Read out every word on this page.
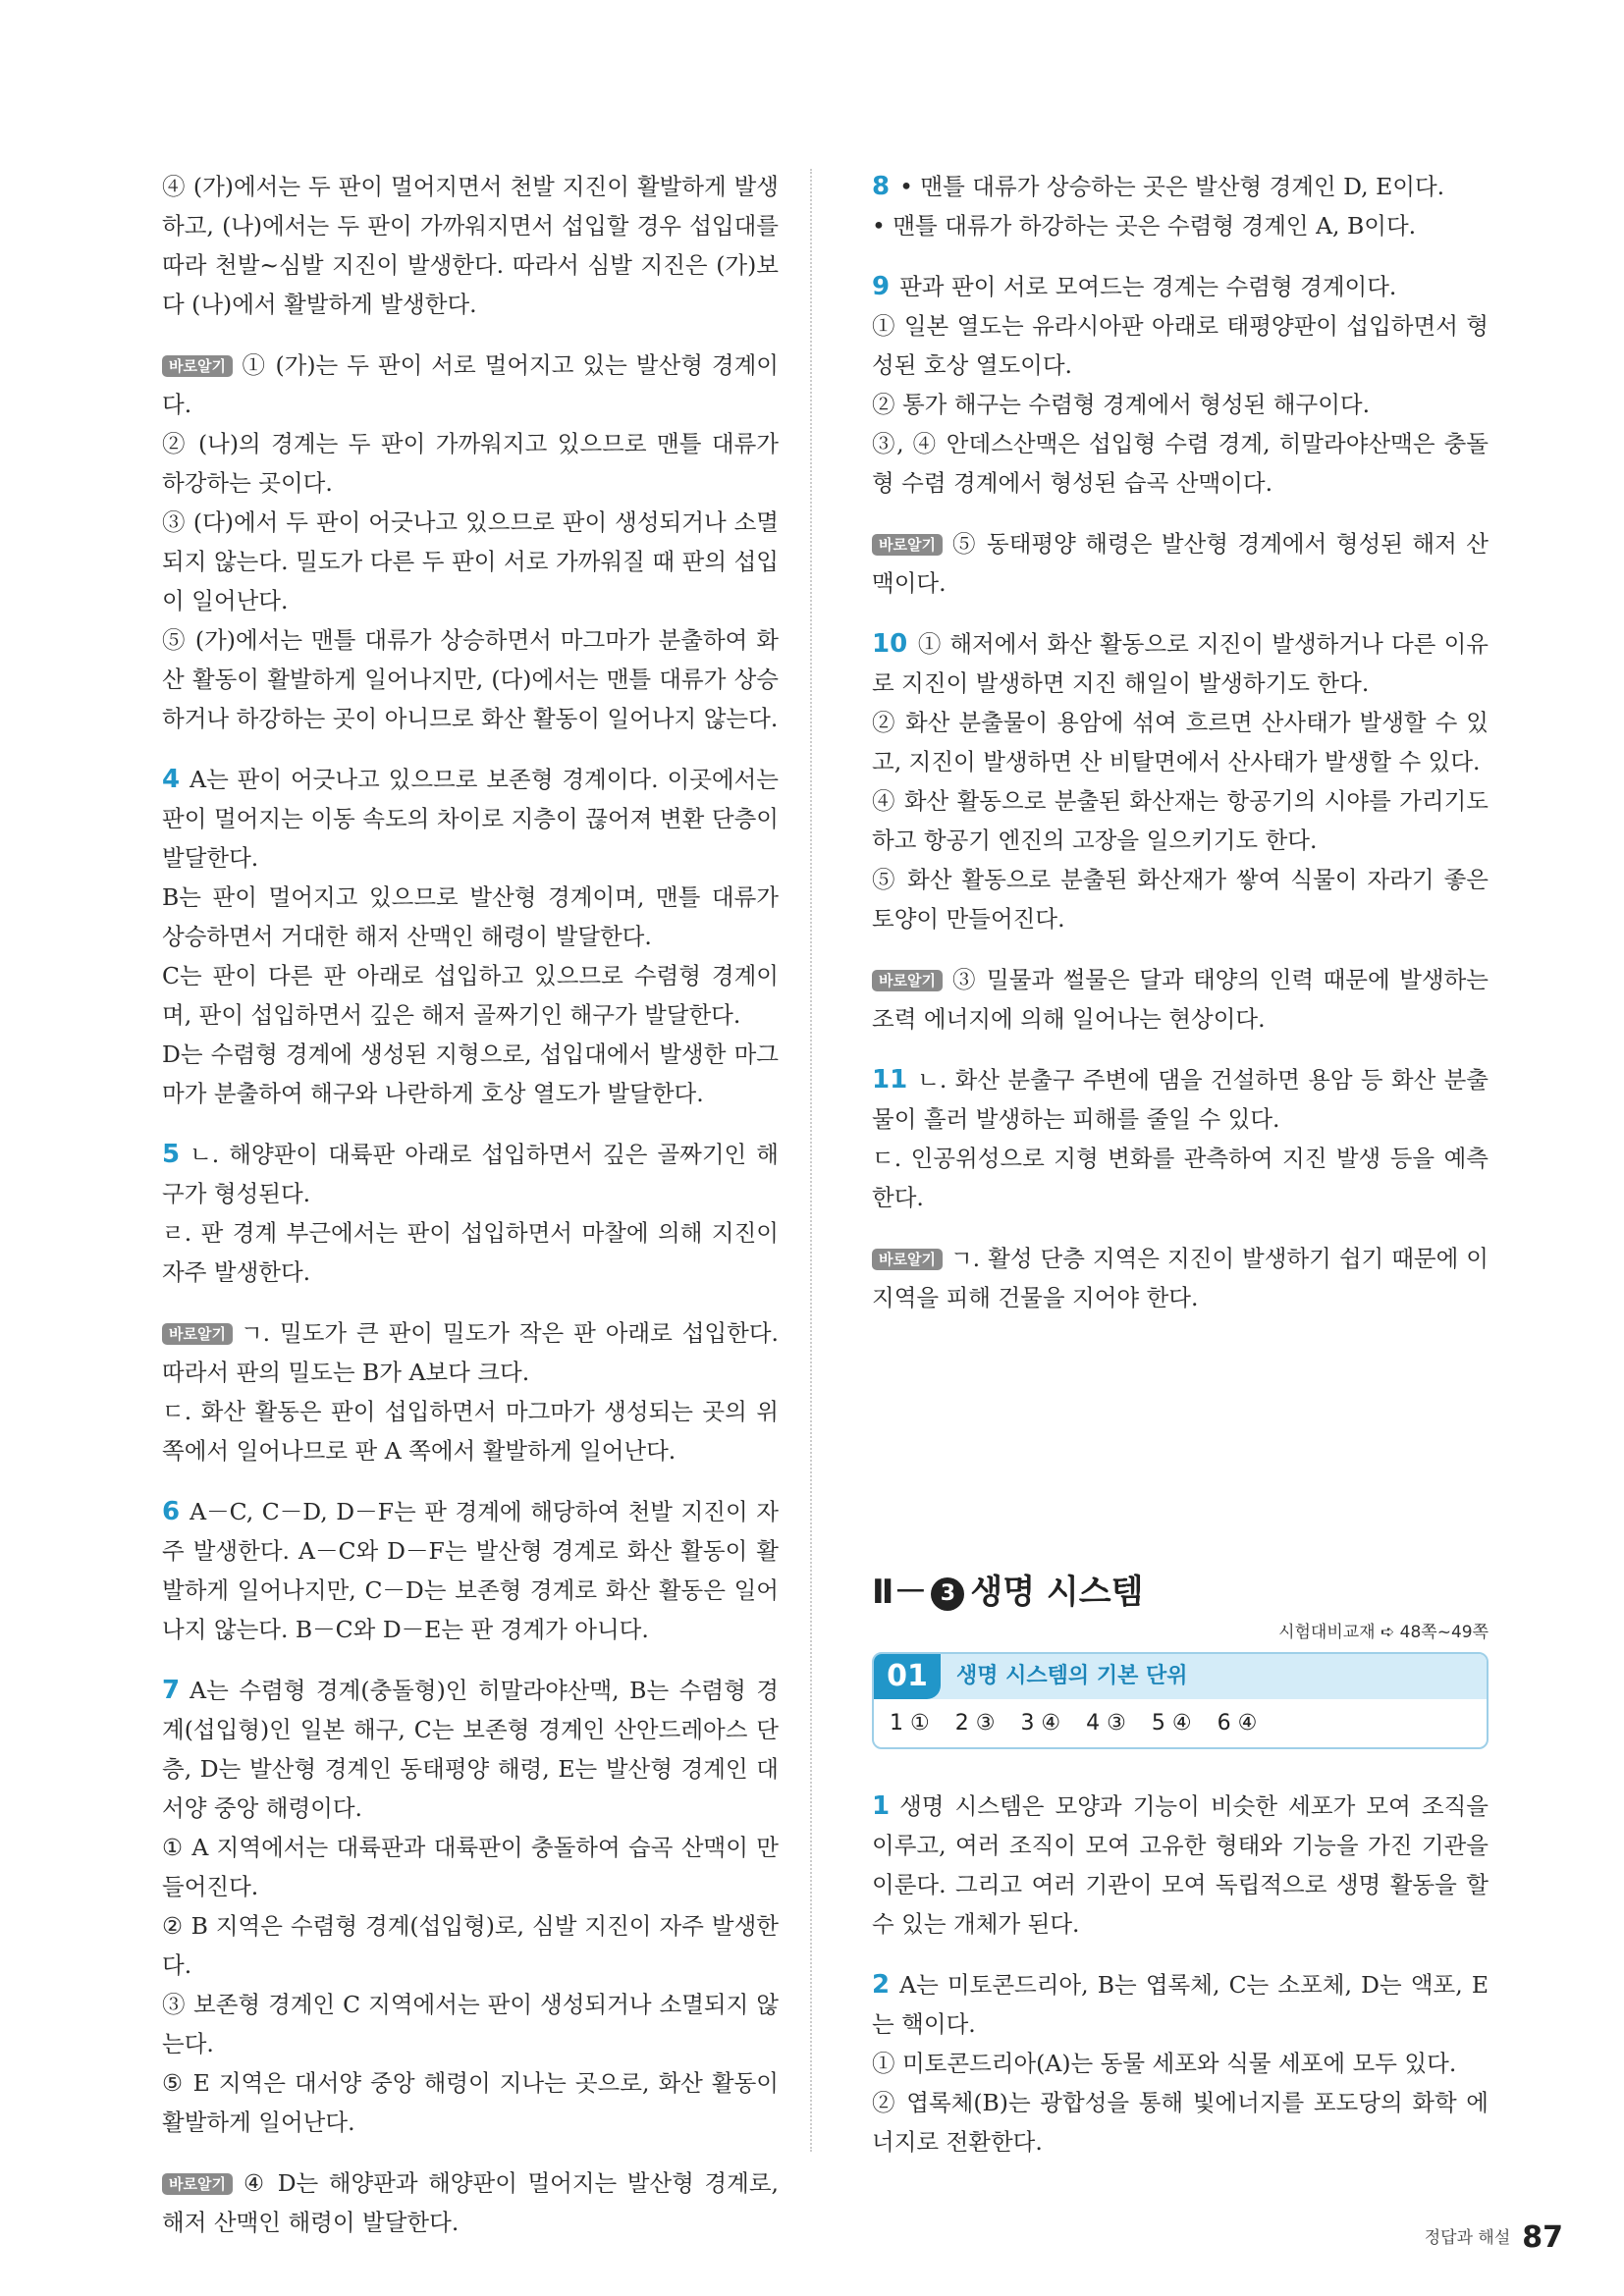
④ (가)에서는 두 판이 멀어지면서 천발 지진이 활발하게 발생하고, (나)에서는 두 판이 가까워지면서 섭입할 경우 섭입대를 따라 천발~심발 지진이 발생한다. 따라서 심발 지진은 (가)보다 (나)에서 활발하게 발생한다.

바로알기 ① (가)는 두 판이 서로 멀어지고 있는 발산형 경계이다.

② (나)의 경계는 두 판이 가까워지고 있으므로 맨틀 대류가 하강하는 곳이다.

③ (다)에서 두 판이 어긋나고 있으므로 판이 생성되거나 소멸되지 않는다. 밀도가 다른 두 판이 서로 가까워질 때 판의 섭입이 일어난다.

⑤ (가)에서는 맨틀 대류가 상승하면서 마그마가 분출하여 화산 활동이 활발하게 일어나지만, (다)에서는 맨틀 대류가 상승하거나 하강하는 곳이 아니므로 화산 활동이 일어나지 않는다.

4 A는 판이 어긋나고 있으므로 보존형 경계이다. 이곳에서는 판이 멀어지는 이동 속도의 차이로 지층이 끊어져 변환 단층이 발달한다.

B는 판이 멀어지고 있으므로 발산형 경계이며, 맨틀 대류가 상승하면서 거대한 해저 산맥인 해령이 발달한다.

C는 판이 다른 판 아래로 섭입하고 있으므로 수렴형 경계이며, 판이 섭입하면서 깊은 해저 골짜기인 해구가 발달한다.

D는 수렴형 경계에 생성된 지형으로, 섭입대에서 발생한 마그마가 분출하여 해구와 나란하게 호상 열도가 발달한다.

5 ㄴ. 해양판이 대륙판 아래로 섭입하면서 깊은 골짜기인 해구가 형성된다.

ㄹ. 판 경계 부근에서는 판이 섭입하면서 마찰에 의해 지진이 자주 발생한다.

바로알기 ㄱ. 밀도가 큰 판이 밀도가 작은 판 아래로 섭입한다. 따라서 판의 밀도는 B가 A보다 크다.

ㄷ. 화산 활동은 판이 섭입하면서 마그마가 생성되는 곳의 위쪽에서 일어나므로 판 A 쪽에서 활발하게 일어난다.

6 A－C, C－D, D－F는 판 경계에 해당하여 천발 지진이 자주 발생한다. A－C와 D－F는 발산형 경계로 화산 활동이 활발하게 일어나지만, C－D는 보존형 경계로 화산 활동은 일어나지 않는다. B－C와 D－E는 판 경계가 아니다.

7 A는 수렴형 경계(충돌형)인 히말라야산맥, B는 수렴형 경계(섭입형)인 일본 해구, C는 보존형 경계인 산안드레아스 단층, D는 발산형 경계인 동태평양 해령, E는 발산형 경계인 대서양 중앙 해령이다.

① A 지역에서는 대륙판과 대륙판이 충돌하여 습곡 산맥이 만들어진다.

② B 지역은 수렴형 경계(섭입형)로, 심발 지진이 자주 발생한다.

③ 보존형 경계인 C 지역에서는 판이 생성되거나 소멸되지 않는다.

⑤ E 지역은 대서양 중앙 해령이 지나는 곳으로, 화산 활동이 활발하게 일어난다.

바로알기 ④ D는 해양판과 해양판이 멀어지는 발산형 경계로, 해저 산맥인 해령이 발달한다.

8 • 맨틀 대류가 상승하는 곳은 발산형 경계인 D, E이다.

• 맨틀 대류가 하강하는 곳은 수렴형 경계인 A, B이다.

9 판과 판이 서로 모여드는 경계는 수렴형 경계이다.

① 일본 열도는 유라시아판 아래로 태평양판이 섭입하면서 형성된 호상 열도이다.

② 통가 해구는 수렴형 경계에서 형성된 해구이다.

③, ④ 안데스산맥은 섭입형 수렴 경계, 히말라야산맥은 충돌형 수렴 경계에서 형성된 습곡 산맥이다.

바로알기 ⑤ 동태평양 해령은 발산형 경계에서 형성된 해저 산맥이다.

10 ① 해저에서 화산 활동으로 지진이 발생하거나 다른 이유로 지진이 발생하면 지진 해일이 발생하기도 한다.

② 화산 분출물이 용암에 섞여 흐르면 산사태가 발생할 수 있고, 지진이 발생하면 산 비탈면에서 산사태가 발생할 수 있다.

④ 화산 활동으로 분출된 화산재는 항공기의 시야를 가리기도 하고 항공기 엔진의 고장을 일으키기도 한다.

⑤ 화산 활동으로 분출된 화산재가 쌓여 식물이 자라기 좋은 토양이 만들어진다.

바로알기 ③ 밀물과 썰물은 달과 태양의 인력 때문에 발생하는 조력 에너지에 의해 일어나는 현상이다.

11 ㄴ. 화산 분출구 주변에 댐을 건설하면 용암 등 화산 분출물이 흘러 발생하는 피해를 줄일 수 있다.

ㄷ. 인공위성으로 지형 변화를 관측하여 지진 발생 등을 예측한다.

바로알기 ㄱ. 활성 단층 지역은 지진이 발생하기 쉽기 때문에 이 지역을 피해 건물을 지어야 한다.

Ⅱ－ 3 생명 시스템
시험대비교재 ➪ 48쪽~49쪽
01	생명 시스템의 기본 단위
1 ① 2 ③ 3 ④ 4 ③ 5 ④ 6 ④

1 생명 시스템은 모양과 기능이 비슷한 세포가 모여 조직을 이루고, 여러 조직이 모여 고유한 형태와 기능을 가진 기관을 이룬다. 그리고 여러 기관이 모여 독립적으로 생명 활동을 할 수 있는 개체가 된다.

2 A는 미토콘드리아, B는 엽록체, C는 소포체, D는 액포, E는 핵이다.

① 미토콘드리아(A)는 동물 세포와 식물 세포에 모두 있다.

② 엽록체(B)는 광합성을 통해 빛에너지를 포도당의 화학 에너지로 전환한다.

정답과 해설 87
